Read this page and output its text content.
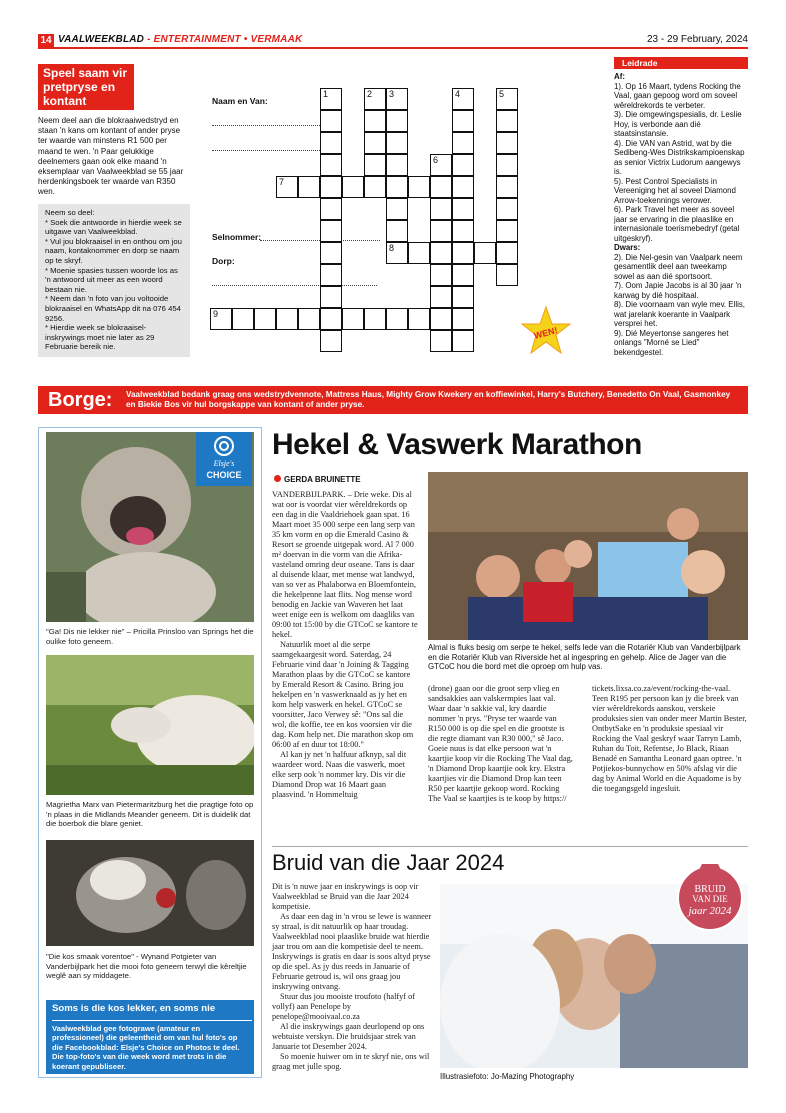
14 VAALWEEKBLAD - ENTERTAINMENT • VERMAAK	23 - 29 February, 2024
Speel saam vir pretpryse en kontant
Neem deel aan die blokraaiwedstryd en staan 'n kans om kontant of ander pryse ter waarde van minstens R1 500 per maand te wen. 'n Paar gelukkige deelnemers gaan ook elke maand 'n eksemplaar van Vaalweekblad se 55 jaar herdenkingsboek ter waarde van R350 wen.
Neem so deel:
* Soek die antwoorde in hierdie week se uitgawe van Vaalweekblad.
* Vul jou blokraaisel in en onthou om jou naam, kontaknommer en dorp se naam op te skryf.
* Moenie spasies tussen woorde los as 'n antwoord uit meer as een woord bestaan nie.
* Neem dan 'n foto van jou voltooide blokraaisel en WhatsApp dit na 076 454 9256.
* Hierdie week se blokraaisel-inskrywings moet nie later as 29 Februarie bereik nie.
Naam en Van:
Selnommer:
Dorp:
1	2 3	4	5
6
7
8
9
WEN!
Leidrade
Af:
1). Op 16 Maart, tydens Rocking the Vaal, gaan gepoog word om soveel wêreldrekords te verbeter.
3). Die omgewingspesialis, dr. Leslie Hoy, is verbonde aan dié staatsinstansie.
4). Die VAN van Astrid, wat by die Sedibeng-Wes Distrikskampioenskap as senior Victrix Ludorum aangewys is.
5). Pest Control Specialists in Vereeniging het al soveel Diamond Arrow-toekennings verower.
6). Park Travel het meer as soveel jaar se ervaring in die plaaslike en internasionale toerismebedryf (getal uitgeskryf).
Dwars:
2). Die Nel-gesin van Vaalpark neem gesamentlik deel aan tweekamp sowel as aan dié sportsoort.
7). Oom Japie Jacobs is al 30 jaar 'n karwag by dié hospitaal.
8). Die voornaam van wyle mev. Ellis, wat jarelank koerante in Vaalpark versprei het.
9). Dié Meyertonse sangeres het onlangs "Morné se Lied" bekendgestel.
Borge: Vaalweekblad bedank graag ons wedstrydvennote, Mattress Haus, Mighty Grow Kwekery en koffiewinkel, Harry's Butchery, Benedetto On Vaal, Gasmonkey en Biekie Bos vir hul borgskappe van kontant of ander pryse.
Elsje's
CHOICE
"Ga! Dis nie lekker nie" – Pricilla Prinsloo van Springs het die oulike foto geneem.
Magrietha Marx van Pietermaritzburg het die pragtige foto op 'n plaas in die Midlands Meander geneem. Dit is duidelik dat die boerbok die blare geniet.
"Die kos smaak vorentoe" - Wynand Potgieter van Vanderbijlpark het die mooi foto geneem terwyl die kêreltjie weglê aan sy middagete.
Soms is die kos lekker, en soms nie
Vaalweekblad gee fotograwe (amateur en professioneel) die geleentheid om van hul foto's op die Facebookblad: Elsje's Choice on Photos te deel. Die top-foto's van die week word met trots in die koerant gepubliseer.
Hekel & Vaswerk Marathon
GERDA BRUINETTE

VANDERBIJLPARK. – Drie weke. Dis al wat oor is voordat vier wêreldrekords op een dag in die Vaaldriehoek gaan spat. 16 Maart moet 35 000 serpe een lang serp van 35 km vorm en op die Emerald Casino & Resort se groende uitgepak word. Al 7 000 m² doervan in die vorm van die Afrika-vasteland omring deur oseane. Tans is daar al duisende klaar, met mense wat landwyd, van so ver as Phalaborwa en Bloemfontein, die hekelpenne laat flits. Nog mense word benodig en Jackie van Waveren het laat weet enige een is welkom om daagliks van 09:00 tot 15:00 by die GTCoC se kantore te hekel.

Natuurlik moet al die serpe saamgekaargesit word. Saterdag, 24 Februarie vind daar 'n Joining & Tagging Marathon plaas by die GTCoC se kantore by Emerald Resort & Casino. Bring jou hekelpen en 'n vaswerknaald as jy het en kom help vaswerk en hekel. GTCoC se voorsitter, Jaco Verwey sê: "Ons sal die wol, die koffie, tee en kos voorsien vir die dag. Kom help net. Die marathon skop om 06:00 af en duur tot 18:00."

Al kan jy net 'n halfuur afknyp, sal dit waardeer word. Naas die vaswerk, moet elke serp ook 'n nommer kry. Dis vir die Diamond Drop wat 16 Maart gaan plaasvind. 'n Hommeltuig

Almal is fluks besig om serpe te hekel, selfs lede van die Rotariër Klub van Vanderbijlpark en die Rotariër Klub van Riverside het al ingespring en gehelp. Alice de Jager van die GTCoC hou die bord met die oproep om hulp vas.

(drone) gaan oor die groot serp vlieg en sandsakkies aan valskermpies laat val. Waar daar 'n sakkie val, kry daardie nommer 'n prys. "Pryse ter waarde van R150 000 is op die spel en die grootste is die regte diamant van R30 000," sê Jaco. Goeie nuus is dat elke persoon wat 'n kaartjie koop vir die Rocking The Vaal dag, 'n Diamond Drop kaartjie ook kry. Ekstra kaartjies vir die Diamond Drop kan teen R50 per kaartjie gekoop word. Rocking The Vaal se kaartjies is te koop by https://

tickets.lixsa.co.za/event/rocking-the-vaal. Teen R195 per persoon kan jy die breek van vier wêreldrekords aanskou, verskeie produksies sien van onder meer Martin Bester, OntbytSake en 'n produksie spesiaal vir Rocking the Vaal geskryf waar Tarryn Lamb, Ruhan du Toit, Refentse, Jo Black, Riaan Benadé en Samantha Leonard gaan optree. 'n Potjiekos-bunnychow en 50% afslag vir die dag by Animal World en die Aquadome is by die toegangsgeld ingesluit.

Bruid van die Jaar 2024

Dit is 'n nuwe jaar en inskrywings is oop vir Vaalweekblad se Bruid van die Jaar 2024 kompetisie.

As daar een dag in 'n vrou se lewe is wanneer sy straal, is dit natuurlik op haar troudag. Vaalweekblad nooi plaaslike bruide wat hierdie jaar trou om aan die kompetisie deel te neem. Inskrywings is gratis en daar is soos altyd pryse op die spel. As jy dus reeds in Januarie of Februarie getroud is, wil ons graag jou inskrywing ontvang.

Stuur dus jou mooiste troufoto (halfyf of vollyf) aan Penelope by penelope@mooivaal.co.za

Al die inskrywings gaan deurlopend op ons webtuiste verskyn. Die bruidsjaar strek van Januarie tot Desember 2024.

So moenie huiwer om in te skryf nie, ons wil graag met julle spog.

BRUID
VAN DIE
jaar 2024
Illustrasiefoto: Jo-Mazing Photography
